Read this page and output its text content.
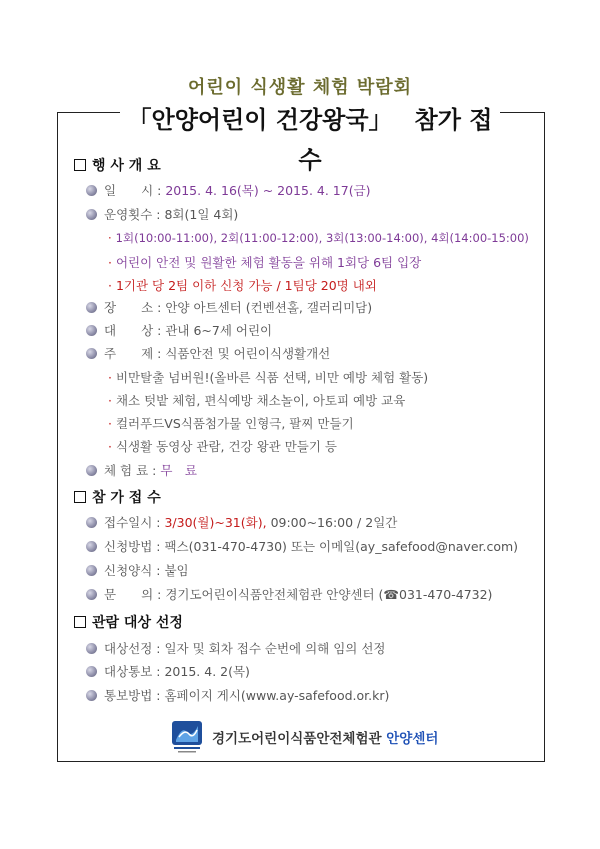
어린이 식생활 체험 박람회
「안양어린이 건강왕국」 참가 접수
행 사 개 요
일　　시 :
2015. 4. 16(목) ~ 2015. 4. 17(금)
운영횟수 :
8회(1일 4회)
· 1회(10:00-11:00), 2회(11:00-12:00), 3회(13:00-14:00), 4회(14:00-15:00)
· 어린이 안전 및 원활한 체험 활동을 위해 1회당 6팀 입장
· 1기관 당 2팀 이하 신청 가능 / 1팀당 20명 내외
장　　소 :
안양 아트센터 (컨벤션홀, 갤러리미담)
대　　상 :
관내 6~7세 어린이
주　　제 :
식품안전 및 어린이식생활개선
· 비만탈출 넘버원!(올바른 식품 선택, 비만 예방 체험 활동)
· 채소 텃밭 체험, 편식예방 채소놀이, 아토피 예방 교육
· 컬러푸드VS식품첨가물 인형극, 팔찌 만들기
· 식생활 동영상 관람, 건강 왕관 만들기 등
체 험 료 :
무　료
참 가 접 수
접수일시 :
3/30(월)~31(화),
09:00~16:00 / 2일간
신청방법 :
팩스(031-470-4730) 또는 이메일(ay_safefood@naver.com)
신청양식 :
붙임
문　　의 :
경기도어린이식품안전체험관 안양센터 (☎031-470-4732)
관람 대상 선정
대상선정 :
일자 및 회차 접수 순번에 의해 임의 선정
대상통보 :
2015. 4. 2(목)
통보방법 :
홈페이지 게시(www.ay-safefood.or.kr)
경기도어린이식품안전체험관 안양센터
